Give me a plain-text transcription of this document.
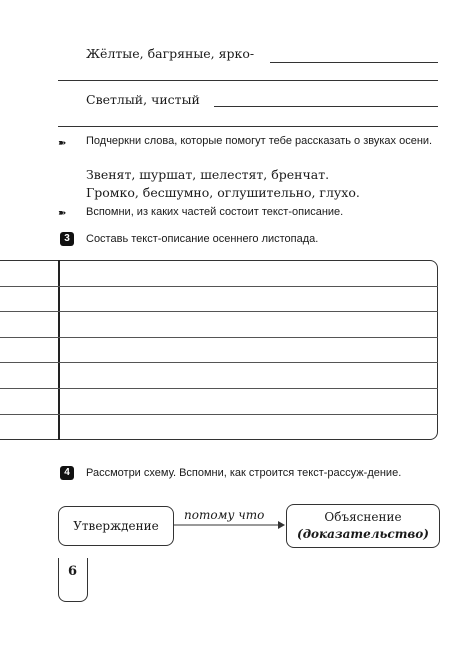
Жёлтые, багряные, ярко-
Светлый, чистый
➽ Подчеркни слова, которые помогут тебе рассказать о звуках осени.
Звенят, шуршат, шелестят, бренчат.
Громко, бесшумно, оглушительно, глухо.
➽ Вспомни, из каких частей состоит текст-описание.
3	Составь текст-описание осеннего листопада.
4	Рассмотри схему. Вспомни, как строится текст-рассуж-дение.
Утверждение
потому что	Объяснение
(доказательство)
6
